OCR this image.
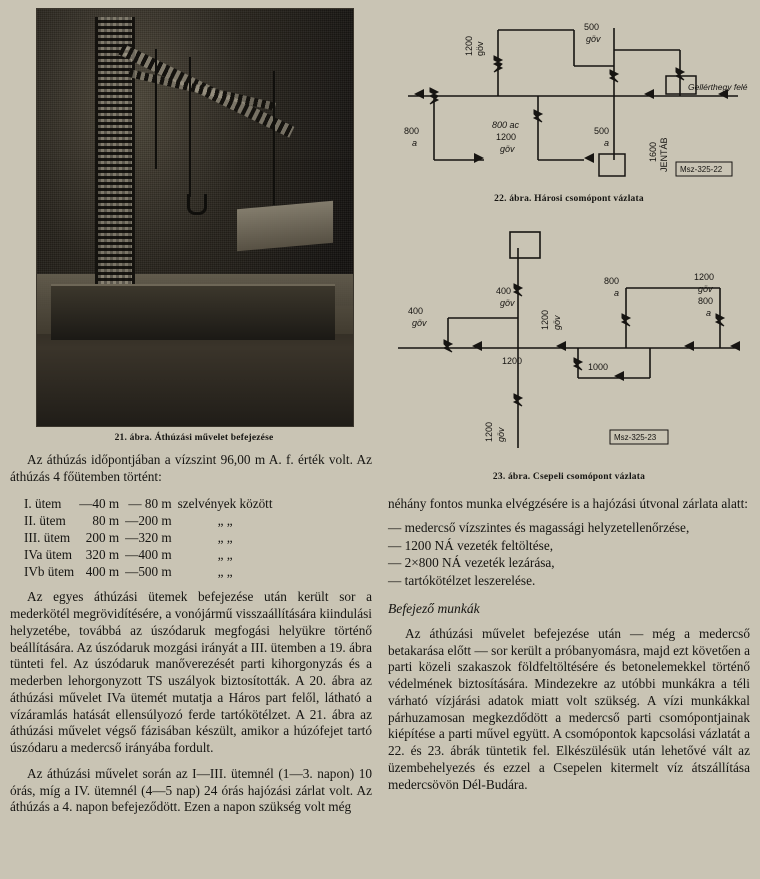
21. ábra. Áthúzási művelet befejezése

Az áthúzás időpontjában a vízszint 96,00 m A. f. érték volt. Az áthúzás 4 főütemben történt:

I. ütem	—40 m	— 80 m	szelvények között
II. ütem	80 m	—200 m	„ „
III. ütem	200 m	—320 m	„ „
IVa ütem	320 m	—400 m	„ „
IVb ütem	400 m	—500 m	„ „

Az egyes áthúzási ütemek befejezése után került sor a mederkötél megrövidítésére, a vonójármű visszaállítására kiindulási helyzetébe, továbbá az úszódaruk megfogási helyükre történő beállítására. Az úszódaruk mozgási irányát a III. ütemben a 19. ábra tünteti fel. Az úszódaruk manőverezését parti kihorgonyzás és a mederben lehorgonyzott TS uszályok biztosították. A 20. ábra az áthúzási művelet IVa ütemét mutatja a Háros part felől, látható a vízáramlás hatását ellensúlyozó ferde tartókötélzet. A 21. ábra az áthúzási művelet végső fázisában készült, amikor a húzófejet tartó úszódaru a medercső irányába fordult.

Az áthúzási művelet során az I—III. ütemnél (1—3. napon) 10 órás, míg a IV. ütemnél (4—5 nap) 24 órás hajózási zárlat volt. Az áthúzás a 4. napon befejeződött. Ezen a napon szükség volt még

1200 göv
500
göv
800
a
800 ac
1200
göv
500
a	1600 JENTÁB
Gellérthegy felé
Msz-325-22
22. ábra. Hárosi csomópont vázlata
800
a
1200
göv
800
a
400
göv
400
göv
1200 göv
1200
1000
1200 göv	Msz-325-23
23. ábra. Csepeli csomópont vázlata

néhány fontos munka elvégzésére is a hajózási útvonal zárlata alatt:

— medercső vízszintes és magassági helyzetellenőrzése,
— 1200 NÁ vezeték feltöltése,
— 2×800 NÁ vezeték lezárása,
— tartókötélzet leszerelése.
Befejező munkák

Az áthúzási művelet befejezése után — még a medercső betakarása előtt — sor került a próbanyomásra, majd ezt követően a parti közeli szakaszok földfeltöltésére és betonelemekkel történő védelmének biztosítására. Mindezekre az utóbbi munkákra a téli várható vízjárási adatok miatt volt szükség. A vízi munkákkal párhuzamosan megkezdődött a medercső parti csomópontjainak kiépítése a parti művel együtt. A csomópontok kapcsolási vázlatát a 22. és 23. ábrák tüntetik fel. Elkészülésük után lehetővé vált az üzembehelyezés és ezzel a Csepelen kitermelt víz átszállítása medercsövön Dél-Budára.
